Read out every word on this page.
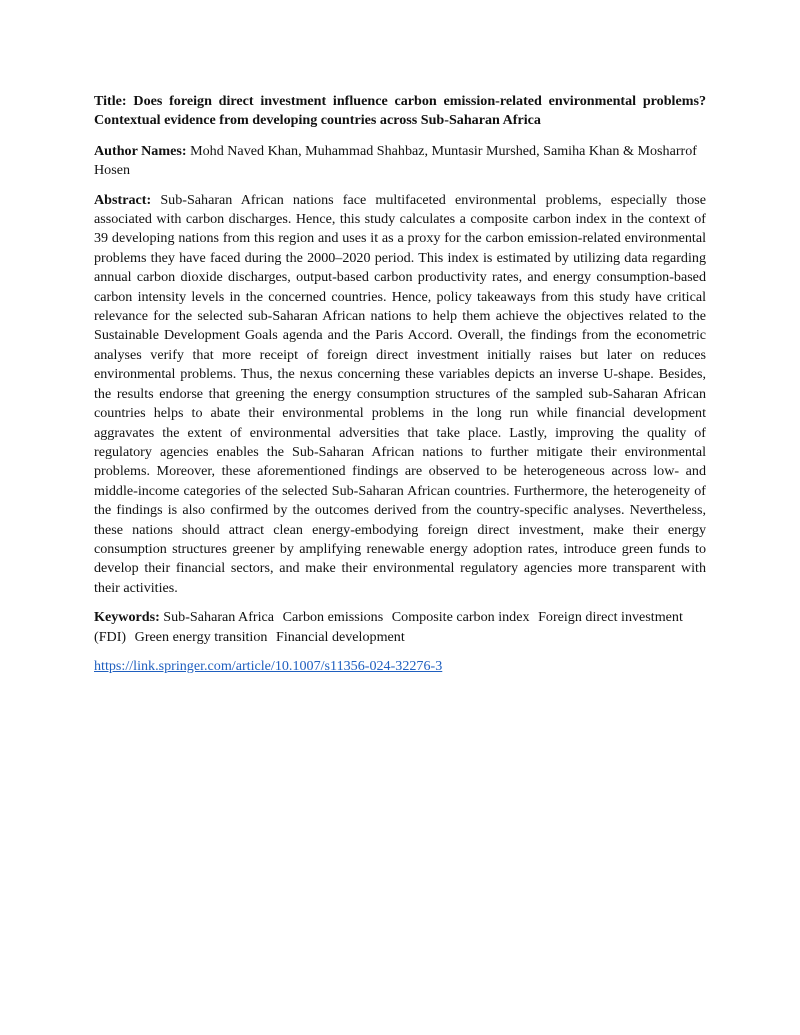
Title: Does foreign direct investment influence carbon emission-related environmental problems? Contextual evidence from developing countries across Sub-Saharan Africa

Author Names: Mohd Naved Khan, Muhammad Shahbaz, Muntasir Murshed, Samiha Khan & Mosharrof Hosen

Abstract: Sub-Saharan African nations face multifaceted environmental problems, especially those associated with carbon discharges. Hence, this study calculates a composite carbon index in the context of 39 developing nations from this region and uses it as a proxy for the carbon emission-related environmental problems they have faced during the 2000–2020 period. This index is estimated by utilizing data regarding annual carbon dioxide discharges, output-based carbon productivity rates, and energy consumption-based carbon intensity levels in the concerned countries. Hence, policy takeaways from this study have critical relevance for the selected sub-Saharan African nations to help them achieve the objectives related to the Sustainable Development Goals agenda and the Paris Accord. Overall, the findings from the econometric analyses verify that more receipt of foreign direct investment initially raises but later on reduces environmental problems. Thus, the nexus concerning these variables depicts an inverse U-shape. Besides, the results endorse that greening the energy consumption structures of the sampled sub-Saharan African countries helps to abate their environmental problems in the long run while financial development aggravates the extent of environmental adversities that take place. Lastly, improving the quality of regulatory agencies enables the Sub-Saharan African nations to further mitigate their environmental problems. Moreover, these aforementioned findings are observed to be heterogeneous across low- and middle-income categories of the selected Sub-Saharan African countries. Furthermore, the heterogeneity of the findings is also confirmed by the outcomes derived from the country-specific analyses. Nevertheless, these nations should attract clean energy-embodying foreign direct investment, make their energy consumption structures greener by amplifying renewable energy adoption rates, introduce green funds to develop their financial sectors, and make their environmental regulatory agencies more transparent with their activities.

Keywords: Sub-Saharan Africa Carbon emissions Composite carbon index Foreign direct investment (FDI) Green energy transition Financial development

https://link.springer.com/article/10.1007/s11356-024-32276-3
